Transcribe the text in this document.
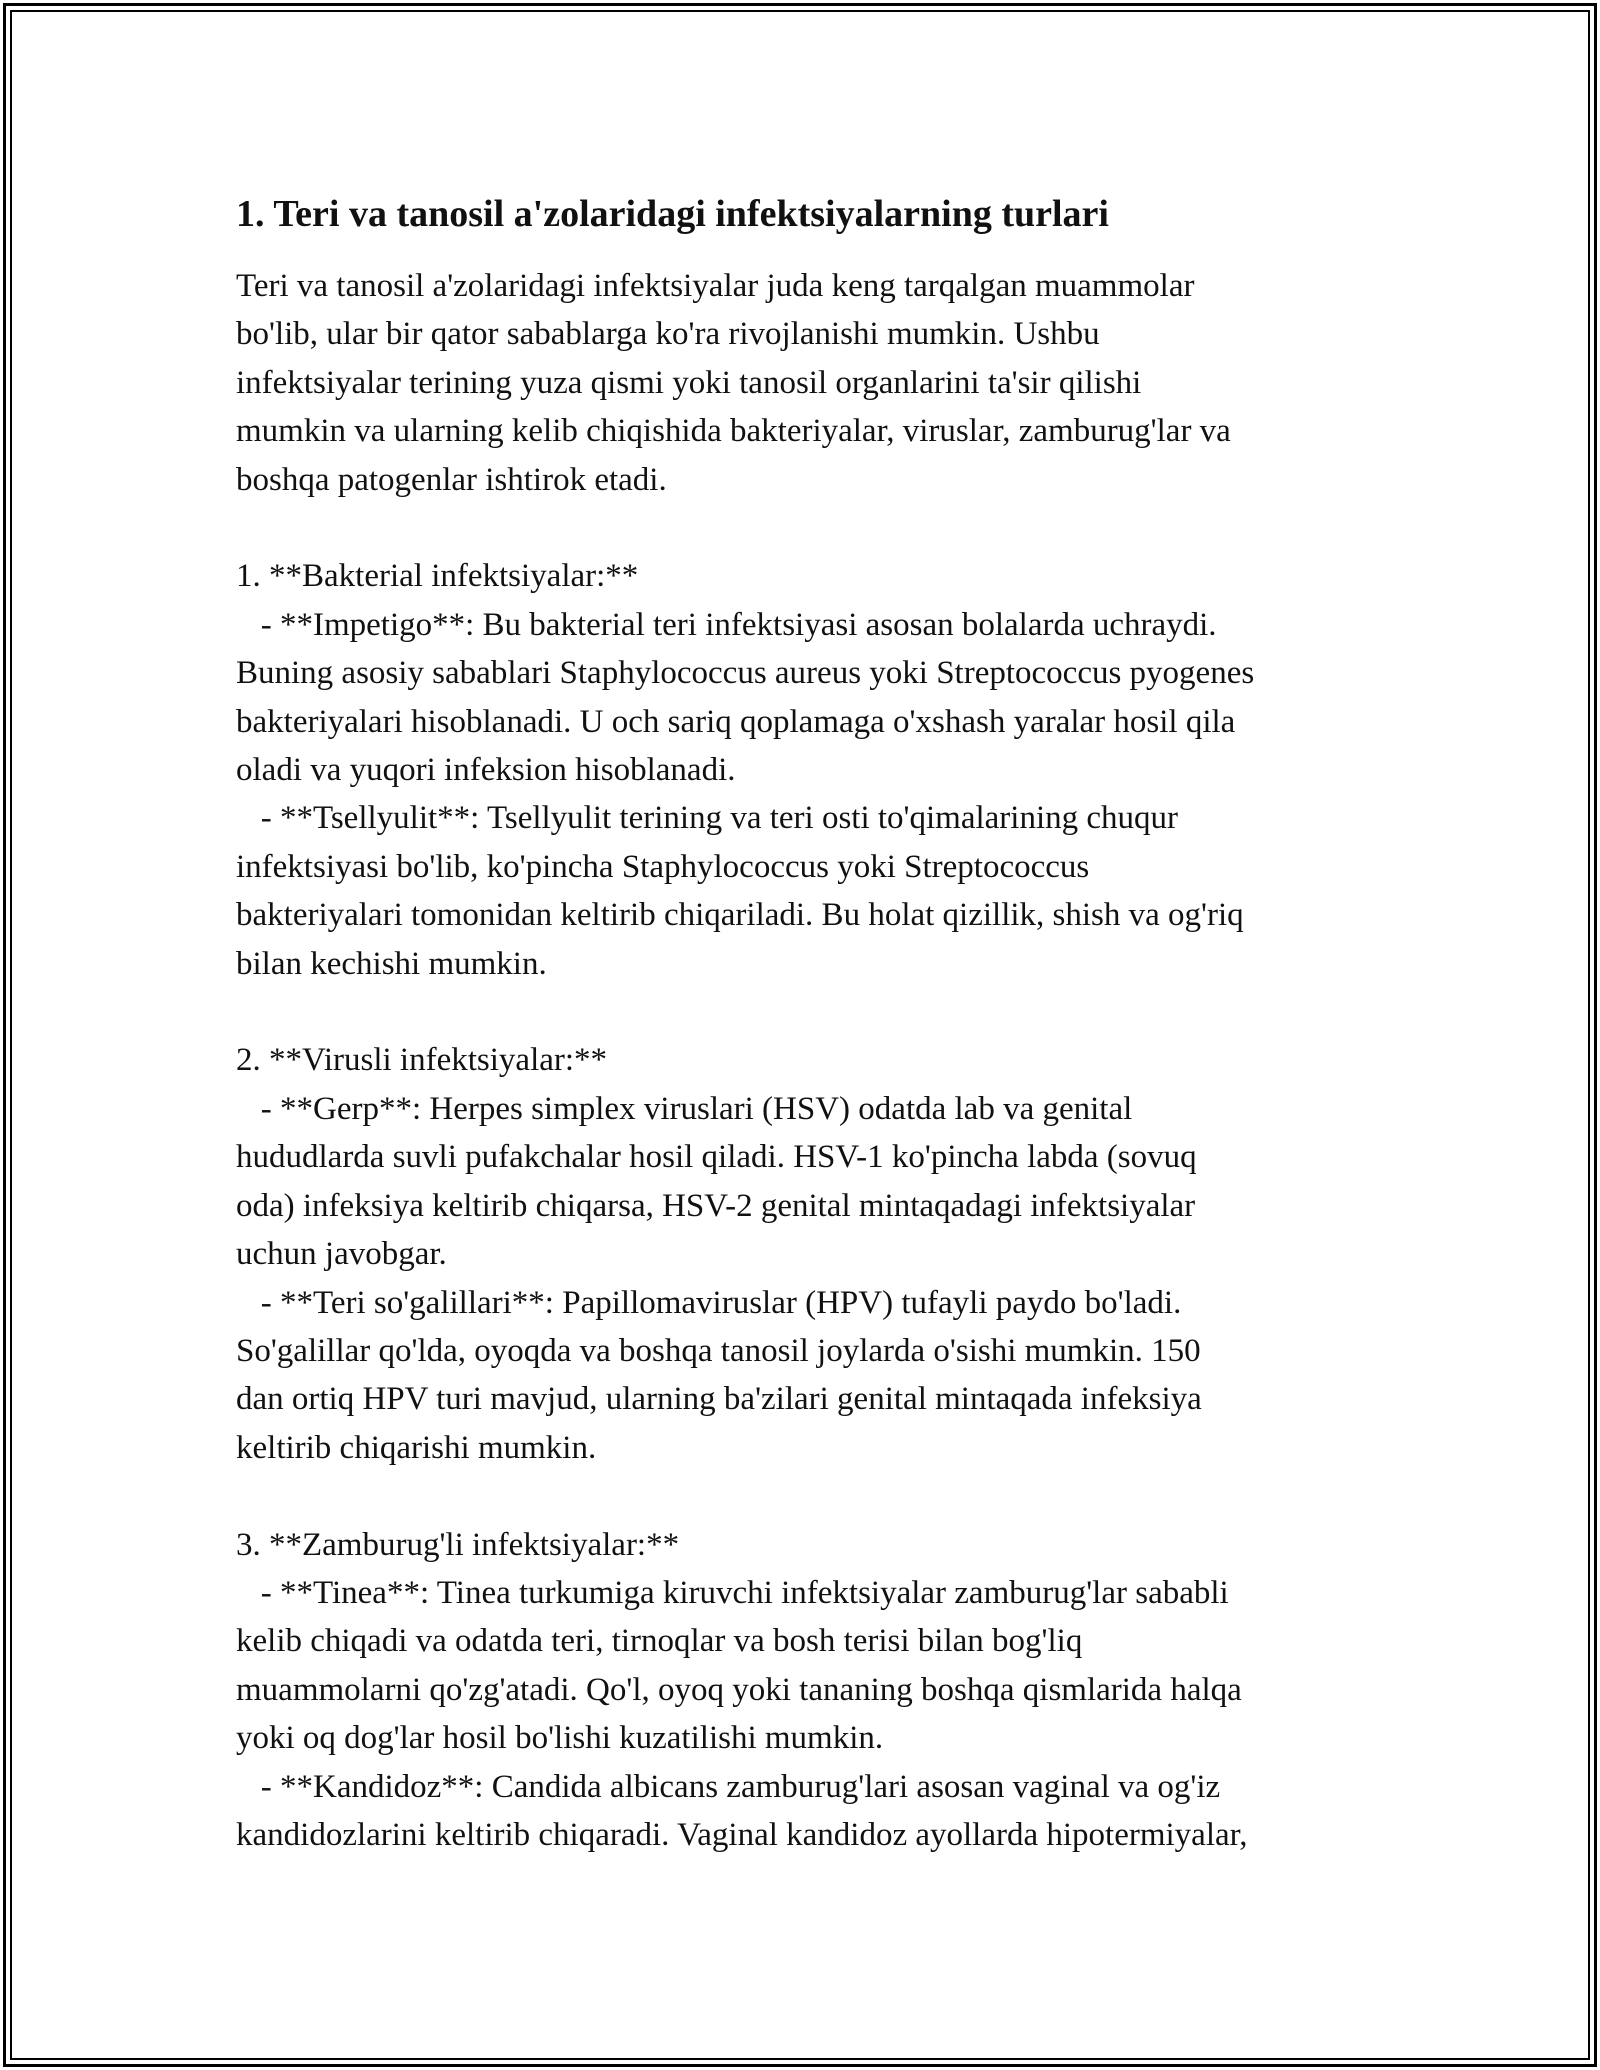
1. Teri va tanosil a'zolaridagi infektsiyalarning turlari
Teri va tanosil a'zolaridagi infektsiyalar juda keng tarqalgan muammolar
bo'lib, ular bir qator sabablarga ko'ra rivojlanishi mumkin. Ushbu
infektsiyalar terining yuza qismi yoki tanosil organlarini ta'sir qilishi
mumkin va ularning kelib chiqishida bakteriyalar, viruslar, zamburug'lar va
boshqa patogenlar ishtirok etadi.
1. **Bakterial infektsiyalar:**
- **Impetigo**: Bu bakterial teri infektsiyasi asosan bolalarda uchraydi.
Buning asosiy sabablari Staphylococcus aureus yoki Streptococcus pyogenes
bakteriyalari hisoblanadi. U och sariq qoplamaga o'xshash yaralar hosil qila
oladi va yuqori infeksion hisoblanadi.
- **Tsellyulit**: Tsellyulit terining va teri osti to'qimalarining chuqur
infektsiyasi bo'lib, ko'pincha Staphylococcus yoki Streptococcus
bakteriyalari tomonidan keltirib chiqariladi. Bu holat qizillik, shish va og'riq
bilan kechishi mumkin.
2. **Virusli infektsiyalar:**
- **Gerp**: Herpes simplex viruslari (HSV) odatda lab va genital
hududlarda suvli pufakchalar hosil qiladi. HSV-1 ko'pincha labda (sovuq
oda) infeksiya keltirib chiqarsa, HSV-2 genital mintaqadagi infektsiyalar
uchun javobgar.
- **Teri so'galillari**: Papillomaviruslar (HPV) tufayli paydo bo'ladi.
So'galillar qo'lda, oyoqda va boshqa tanosil joylarda o'sishi mumkin. 150
dan ortiq HPV turi mavjud, ularning ba'zilari genital mintaqada infeksiya
keltirib chiqarishi mumkin.
3. **Zamburug'li infektsiyalar:**
- **Tinea**: Tinea turkumiga kiruvchi infektsiyalar zamburug'lar sababli
kelib chiqadi va odatda teri, tirnoqlar va bosh terisi bilan bog'liq
muammolarni qo'zg'atadi. Qo'l, oyoq yoki tananing boshqa qismlarida halqa
yoki oq dog'lar hosil bo'lishi kuzatilishi mumkin.
- **Kandidoz**: Candida albicans zamburug'lari asosan vaginal va og'iz
kandidozlarini keltirib chiqaradi. Vaginal kandidoz ayollarda hipotermiyalar,
